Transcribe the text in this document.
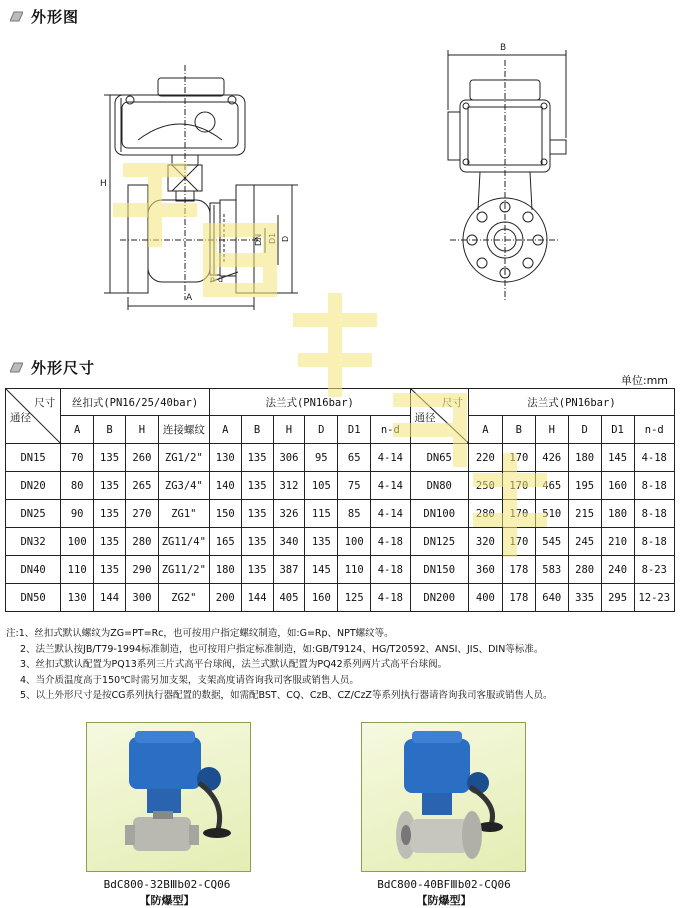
外形图
B
H
A
DN D1 D
n-d
外形尺寸
单位:mm
尺寸
通径	丝扣式(PN16/25/40bar)				法兰式(PN16bar)						尺寸
通径	法兰式(PN16bar)					
	A	B	H	连接螺纹	A	B	H	D	D1	n-d		A	B	H	D	D1	n-d
DN15	70	135	260	ZG1/2"	130	135	306	95	65	4-14	DN65	220	170	426	180	145	4-18
DN20	80	135	265	ZG3/4"	140	135	312	105	75	4-14	DN80	250	170	465	195	160	8-18
DN25	90	135	270	ZG1"	150	135	326	115	85	4-14	DN100	280	170	510	215	180	8-18
DN32	100	135	280	ZG11/4"	165	135	340	135	100	4-18	DN125	320	170	545	245	210	8-18
DN40	110	135	290	ZG11/2"	180	135	387	145	110	4-18	DN150	360	178	583	280	240	8-23
DN50	130	144	300	ZG2"	200	144	405	160	125	4-18	DN200	400	178	640	335	295	12-23
注:1、丝扣式默认螺纹为ZG=PT=Rc，也可按用户指定螺纹制造，如:G=Rp、NPT螺纹等。
2、法兰默认按JB/T79-1994标准制造，也可按用户指定标准制造，如:GB/T9124、HG/T20592、ANSI、JIS、DIN等标准。
3、丝扣式默认配置为PQ13系列三片式高平台球阀，法兰式默认配置为PQ42系列两片式高平台球阀。
4、当介质温度高于150℃时需另加支架，支架高度请咨询我司客服或销售人员。
5、以上外形尺寸是按CG系列执行器配置的数据，如需配BST、CQ、CzB、CZ/CzZ等系列执行器请咨询我司客服或销售人员。
BdC800-32BⅢb02-CQ06
【防爆型】
BdC800-40BFⅢb02-CQ06
【防爆型】
